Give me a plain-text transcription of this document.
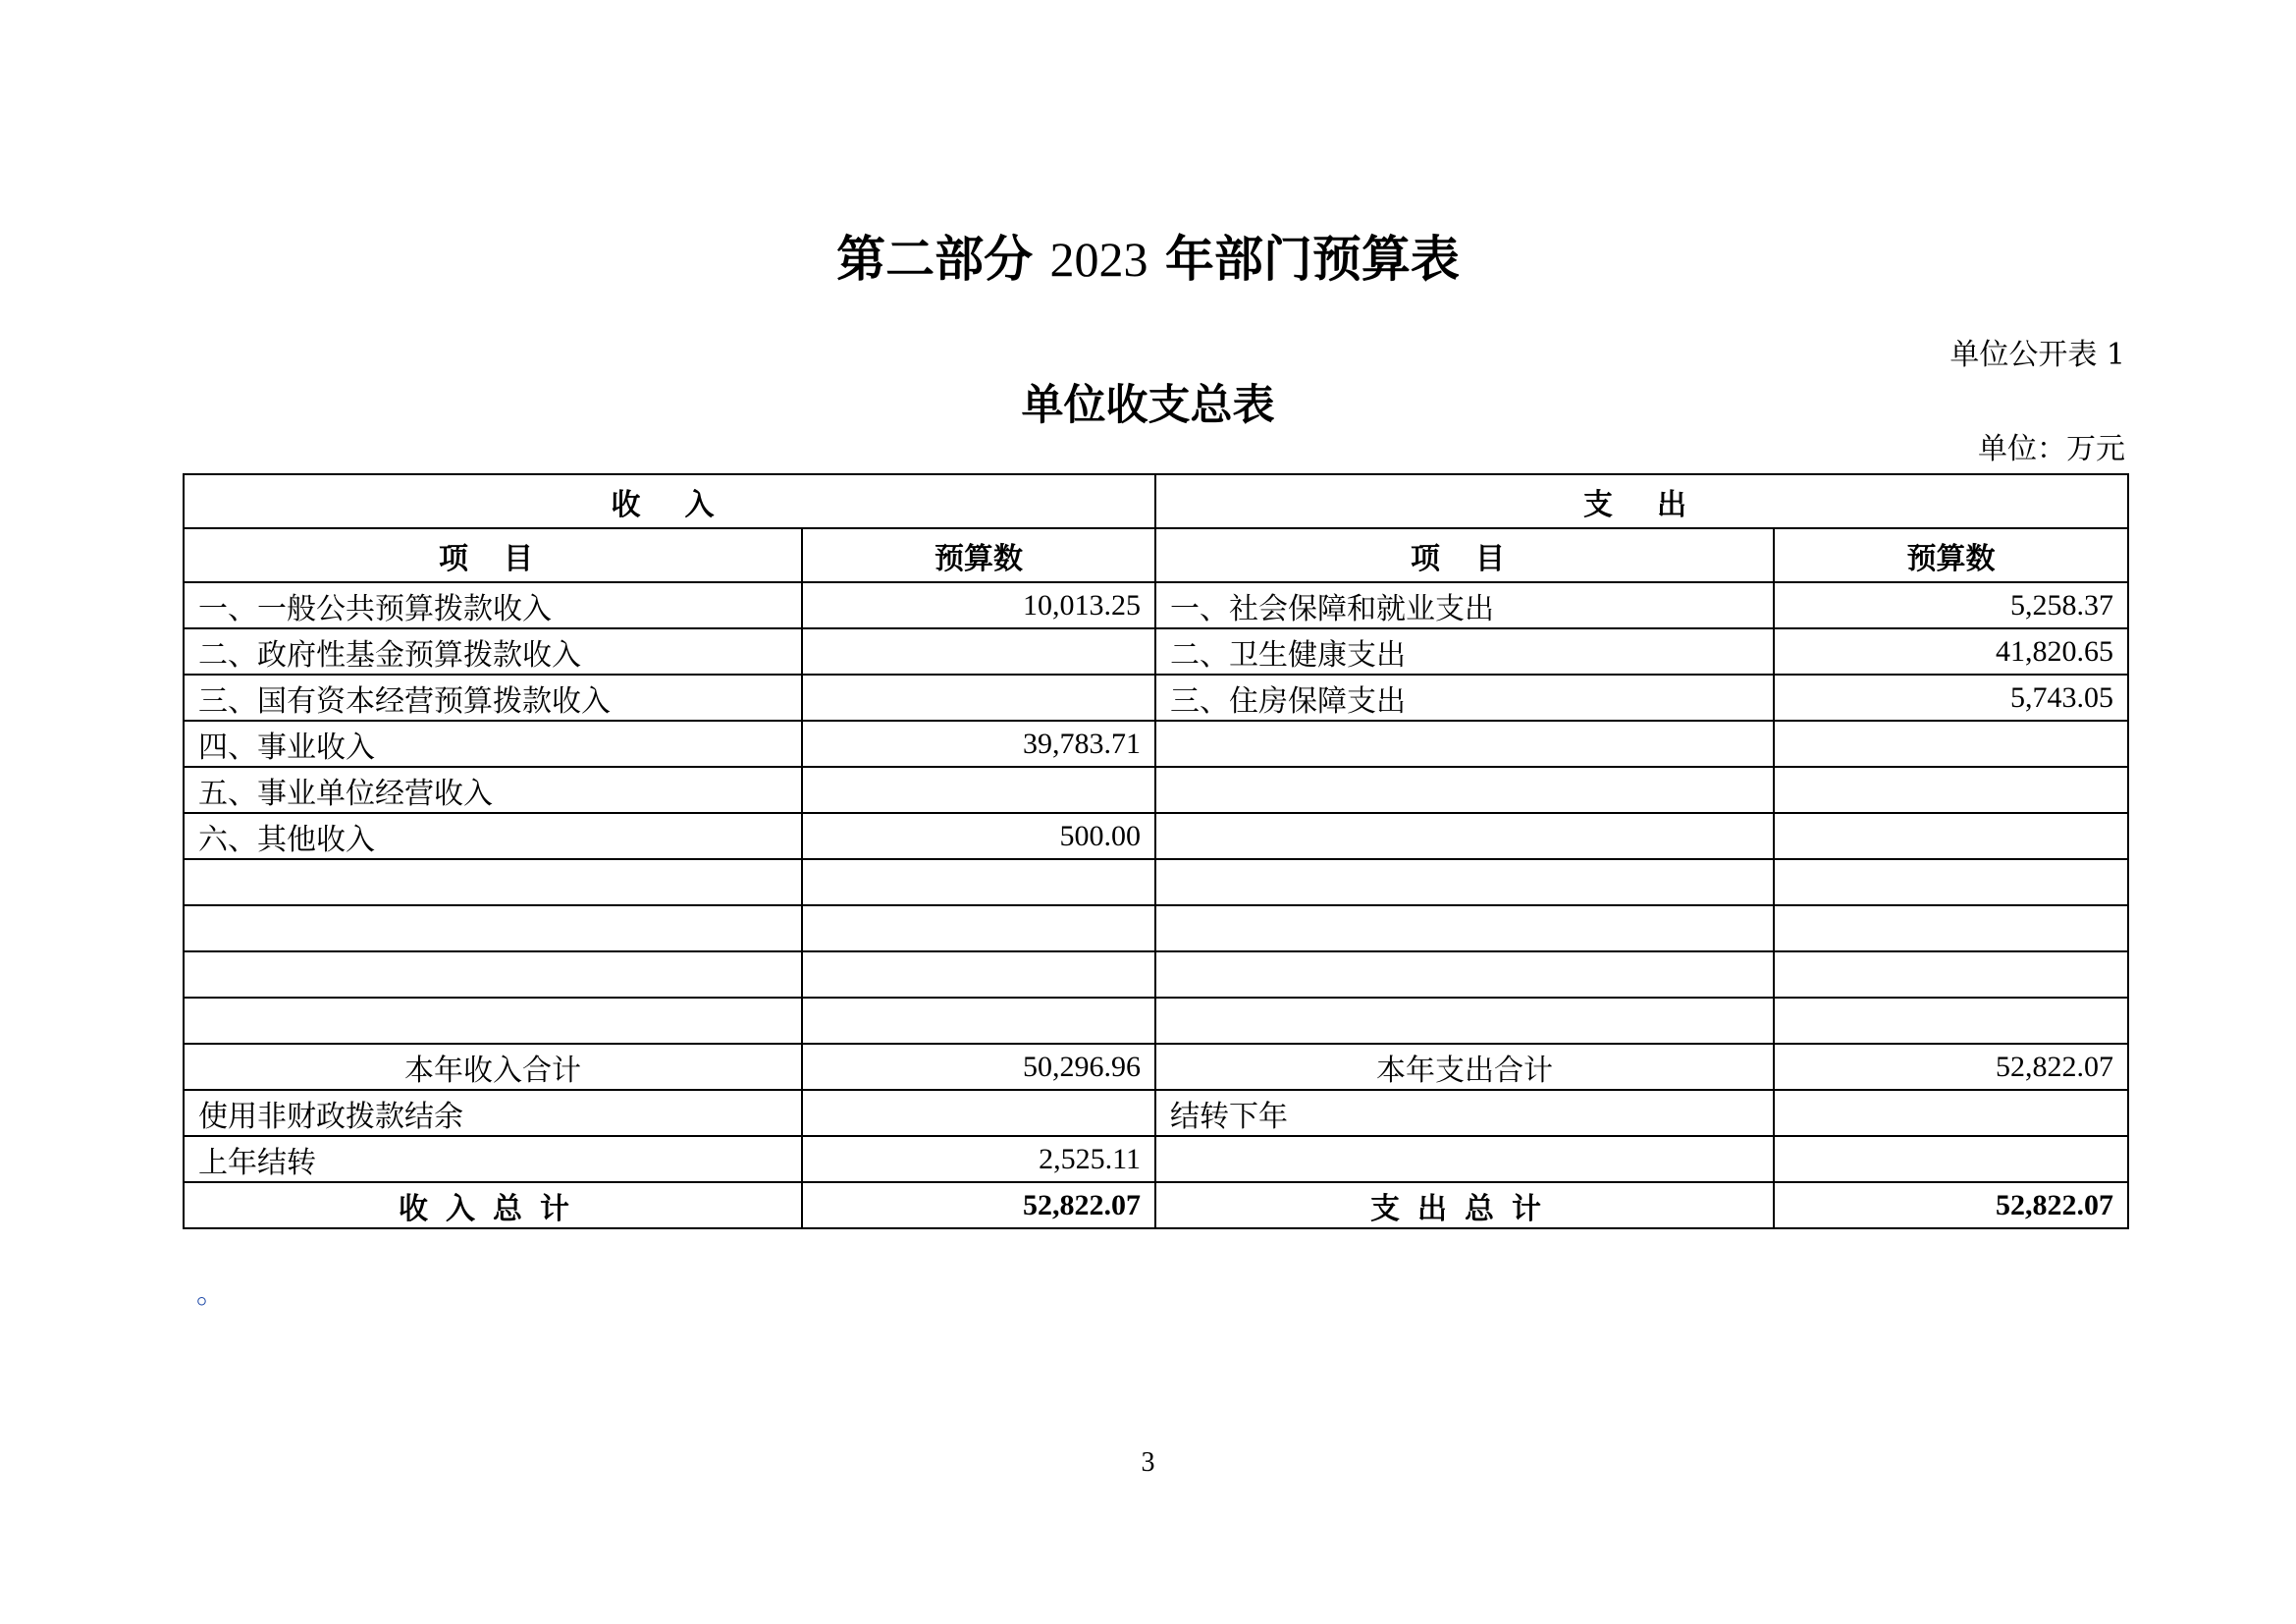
第二部分 2023 年部门预算表
单位公开表 1
单位收支总表
单位：万元
收入		支出	
项目	预算数	项目	预算数
一、一般公共预算拨款收入	10,013.25	一、社会保障和就业支出	5,258.37
二、政府性基金预算拨款收入		二、卫生健康支出	41,820.65
三、国有资本经营预算拨款收入		三、住房保障支出	5,743.05
四、事业收入	39,783.71		
五、事业单位经营收入			
六、其他收入	500.00		

本年收入合计	50,296.96	本年支出合计	52,822.07
使用非财政拨款结余		结转下年	
上年结转	2,525.11		
收入总计	52,822.07	支出总计	52,822.07
。
3
